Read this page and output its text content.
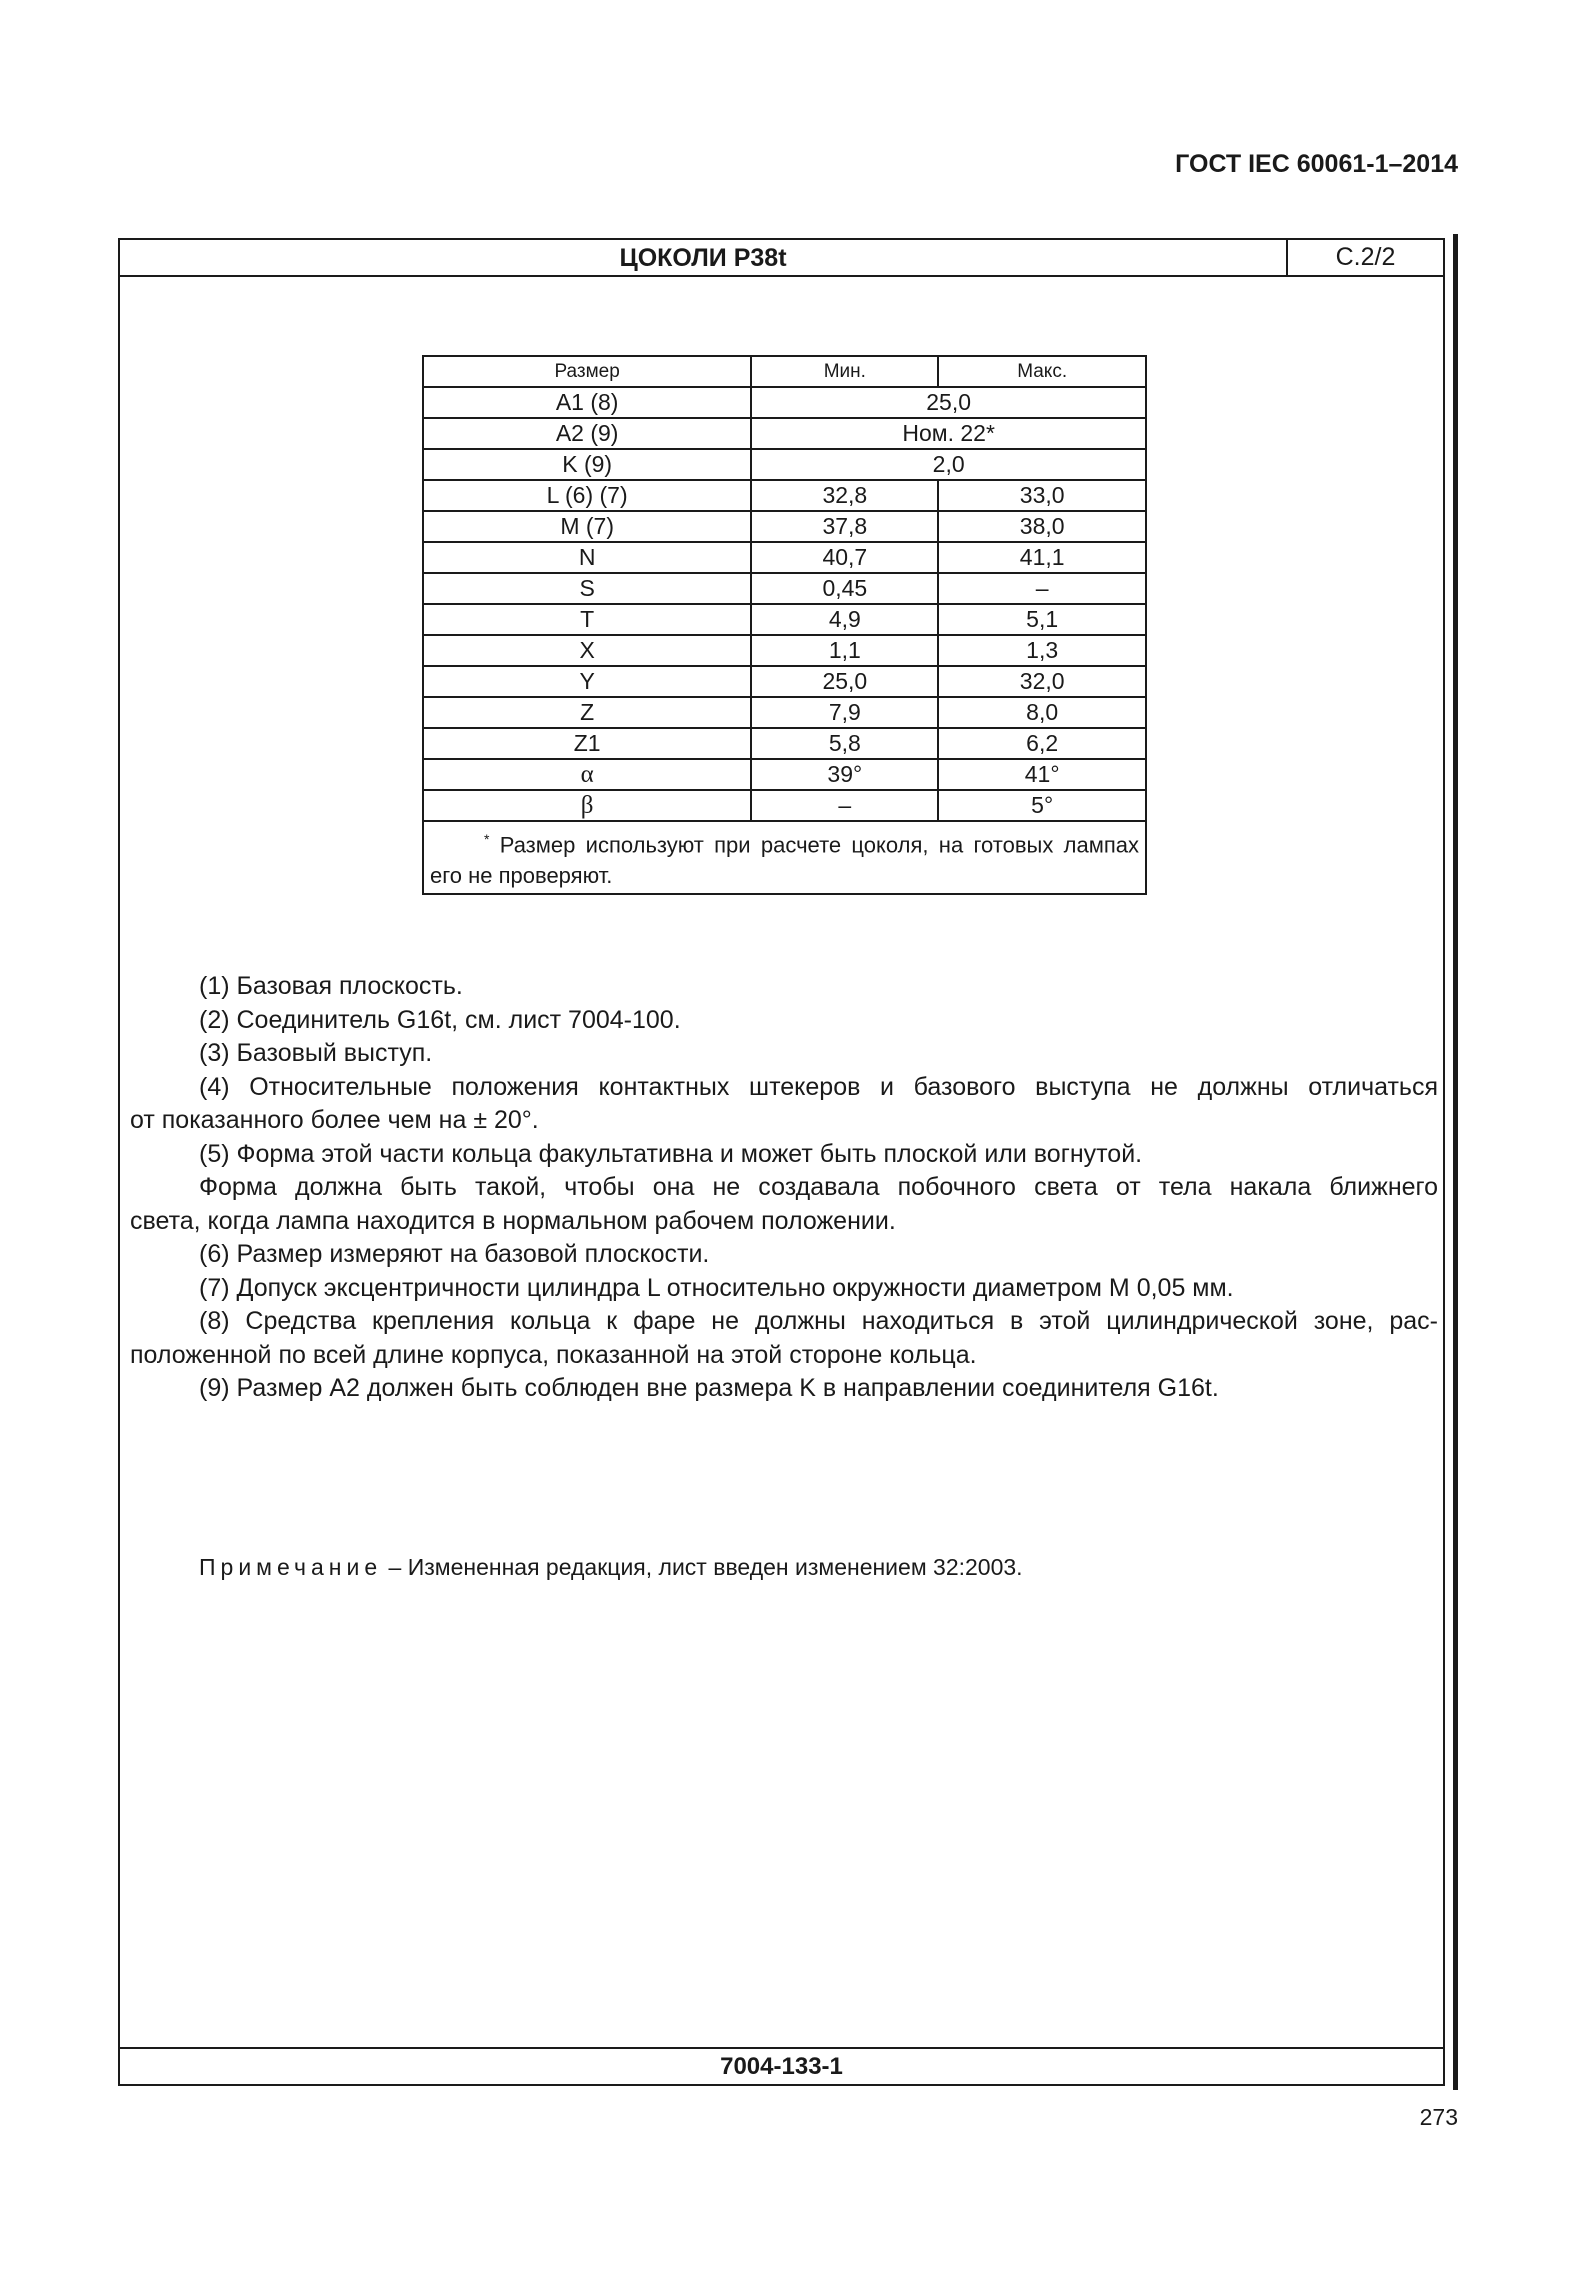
ГОСТ IEC 60061-1–2014
ЦОКОЛИ P38t	С.2/2
Размер	Мин.	Макс.
A1 (8)	25,0	
A2 (9)	Ном. 22*	
K (9)	2,0	
L (6) (7)	32,8	33,0
M (7)	37,8	38,0
N	40,7	41,1
S	0,45	–
T	4,9	5,1
X	1,1	1,3
Y	25,0	32,0
Z	7,9	8,0
Z1	5,8	6,2
α	39°	41°
β	–	5°
* Размер используют при расчете цоколя, на готовых лампах его не проверяют.		
(1) Базовая плоскость.
(2) Соединитель G16t, см. лист 7004-100.
(3) Базовый выступ.
(4) Относительные положения контактных штекеров и базового выступа не должны отличаться
от показанного более чем на ± 20°.
(5) Форма этой части кольца факультативна и может быть плоской или вогнутой.
Форма должна быть такой, чтобы она не создавала побочного света от тела накала ближнего
света, когда лампа находится в нормальном рабочем положении.
(6) Размер измеряют на базовой плоскости.
(7) Допуск эксцентричности цилиндра L относительно окружности диаметром M 0,05 мм.
(8) Средства крепления кольца к фаре не должны находиться в этой цилиндрической зоне, рас-
положенной по всей длине корпуса, показанной на этой стороне кольца.
(9) Размер A2 должен быть соблюден вне размера K в направлении соединителя G16t.
Примечание – Измененная редакция, лист введен изменением 32:2003.
7004-133-1
273
